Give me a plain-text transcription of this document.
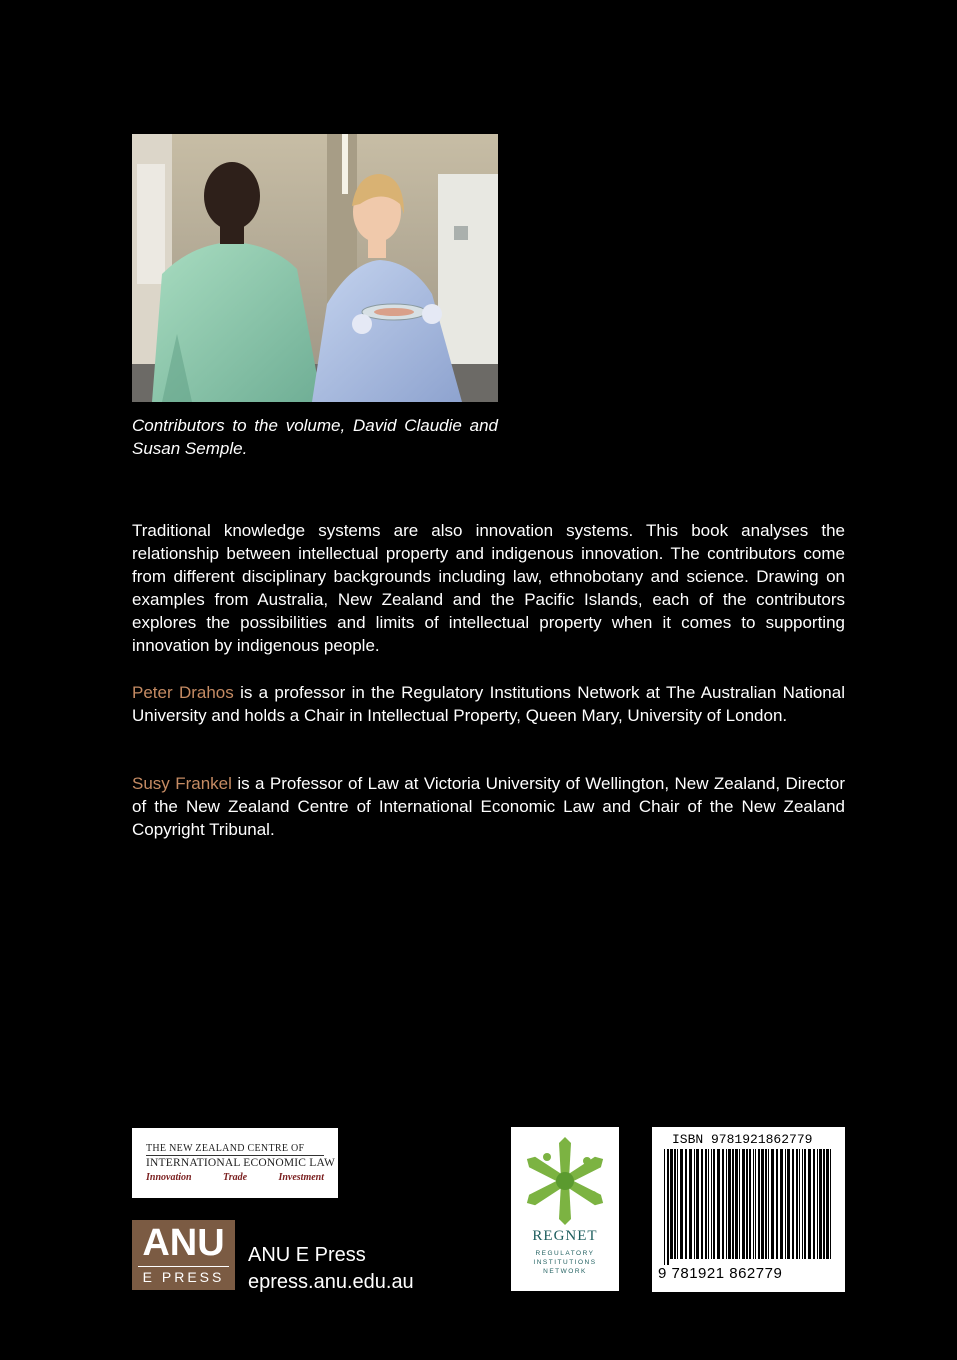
Contributors to the volume, David Claudie and Susan Semple.

Traditional knowledge systems are also innovation systems. This book analyses the relationship between intellectual property and indigenous innovation. The contributors come from different disciplinary backgrounds including law, ethnobotany and science. Drawing on examples from Australia, New Zealand and the Pacific Islands, each of the contributors explores the possibilities and limits of intellectual property when it comes to supporting innovation by indigenous people.

Peter Drahos is a professor in the Regulatory Institutions Network at The Australian National University and holds a Chair in Intellectual Property, Queen Mary, University of London.

Susy Frankel is a Professor of Law at Victoria University of Wellington, New Zealand, Director of the New Zealand Centre of International Economic Law and Chair of the New Zealand Copyright Tribunal.

THE NEW ZEALAND CENTRE OF
INTERNATIONAL ECONOMIC LAW
Innovation	Trade	Investment
ANU
E PRESS
ANU E Press
epress.anu.edu.au
REGNET
REGULATORY INSTITUTIONS NETWORK
ISBN 9781921862779
9 781921 862779
